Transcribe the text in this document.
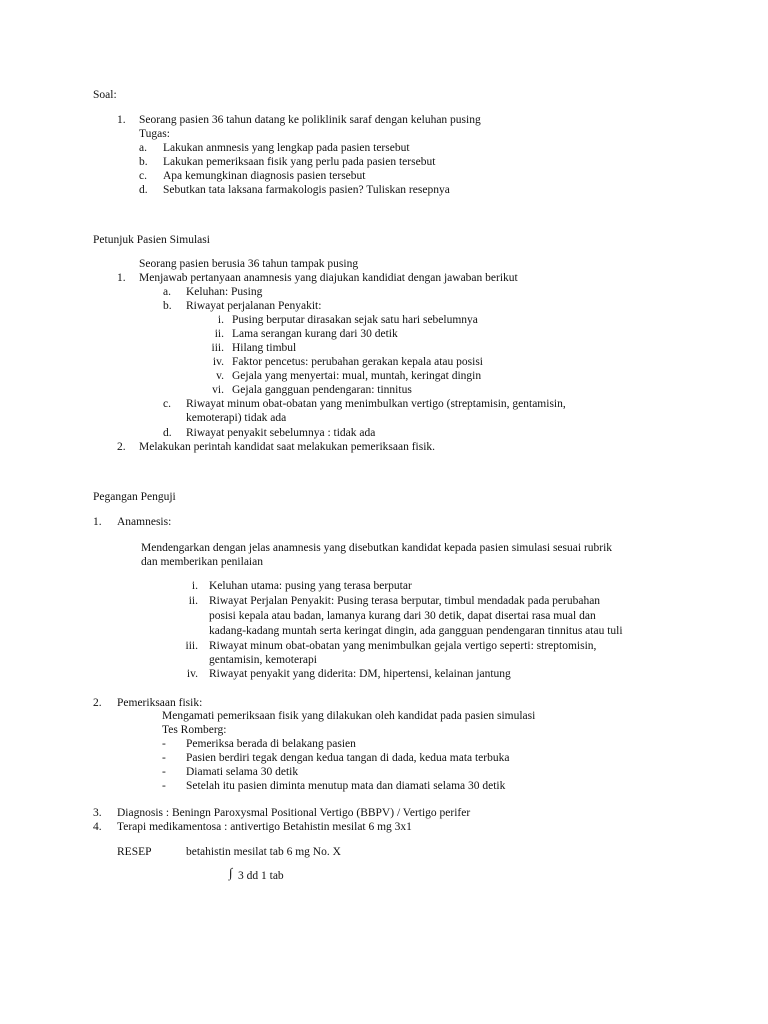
Soal:
1. Seorang pasien 36 tahun datang ke poliklinik saraf dengan keluhan pusing
Tugas:
a. Lakukan anmnesis yang lengkap pada pasien tersebut
b. Lakukan pemeriksaan fisik yang perlu pada pasien tersebut
c. Apa kemungkinan diagnosis pasien tersebut
d. Sebutkan tata laksana farmakologis pasien? Tuliskan resepnya
Petunjuk Pasien Simulasi
Seorang pasien berusia 36 tahun tampak pusing
1. Menjawab pertanyaan anamnesis yang diajukan kandidiat dengan jawaban berikut
a. Keluhan: Pusing
b. Riwayat perjalanan Penyakit:
i. Pusing berputar dirasakan sejak satu hari sebelumnya
ii. Lama serangan kurang dari 30 detik
iii. Hilang timbul
iv. Faktor pencetus: perubahan gerakan kepala atau posisi
v. Gejala yang menyertai: mual, muntah, keringat dingin
vi. Gejala gangguan pendengaran: tinnitus
c. Riwayat minum obat-obatan yang menimbulkan vertigo (streptamisin, gentamisin,
kemoterapi) tidak ada
d. Riwayat penyakit sebelumnya : tidak ada
2. Melakukan perintah kandidat saat melakukan pemeriksaan fisik.
Pegangan Penguji
1. Anamnesis:
Mendengarkan dengan jelas anamnesis yang disebutkan kandidat kepada pasien simulasi sesuai rubrik
dan memberikan penilaian
i. Keluhan utama: pusing yang terasa berputar
ii. Riwayat Perjalan Penyakit: Pusing terasa berputar, timbul mendadak pada perubahan
posisi kepala atau badan, lamanya kurang dari 30 detik, dapat disertai rasa mual dan
kadang-kadang muntah serta keringat dingin, ada gangguan pendengaran tinnitus atau tuli
iii. Riwayat minum obat-obatan yang menimbulkan gejala vertigo seperti: streptomisin,
gentamisin, kemoterapi
iv. Riwayat penyakit yang diderita: DM, hipertensi, kelainan jantung
2. Pemeriksaan fisik:
Mengamati pemeriksaan fisik yang dilakukan oleh kandidat pada pasien simulasi
Tes Romberg:
- Pemeriksa berada di belakang pasien
- Pasien berdiri tegak dengan kedua tangan di dada, kedua mata terbuka
- Diamati selama 30 detik
- Setelah itu pasien diminta menutup mata dan diamati selama 30 detik
3. Diagnosis : Beningn Paroxysmal Positional Vertigo (BBPV) / Vertigo perifer
4. Terapi medikamentosa : antivertigo Betahistin mesilat 6 mg 3x1
RESEP	betahistin mesilat tab 6 mg No. X
∫ 3 dd 1 tab
